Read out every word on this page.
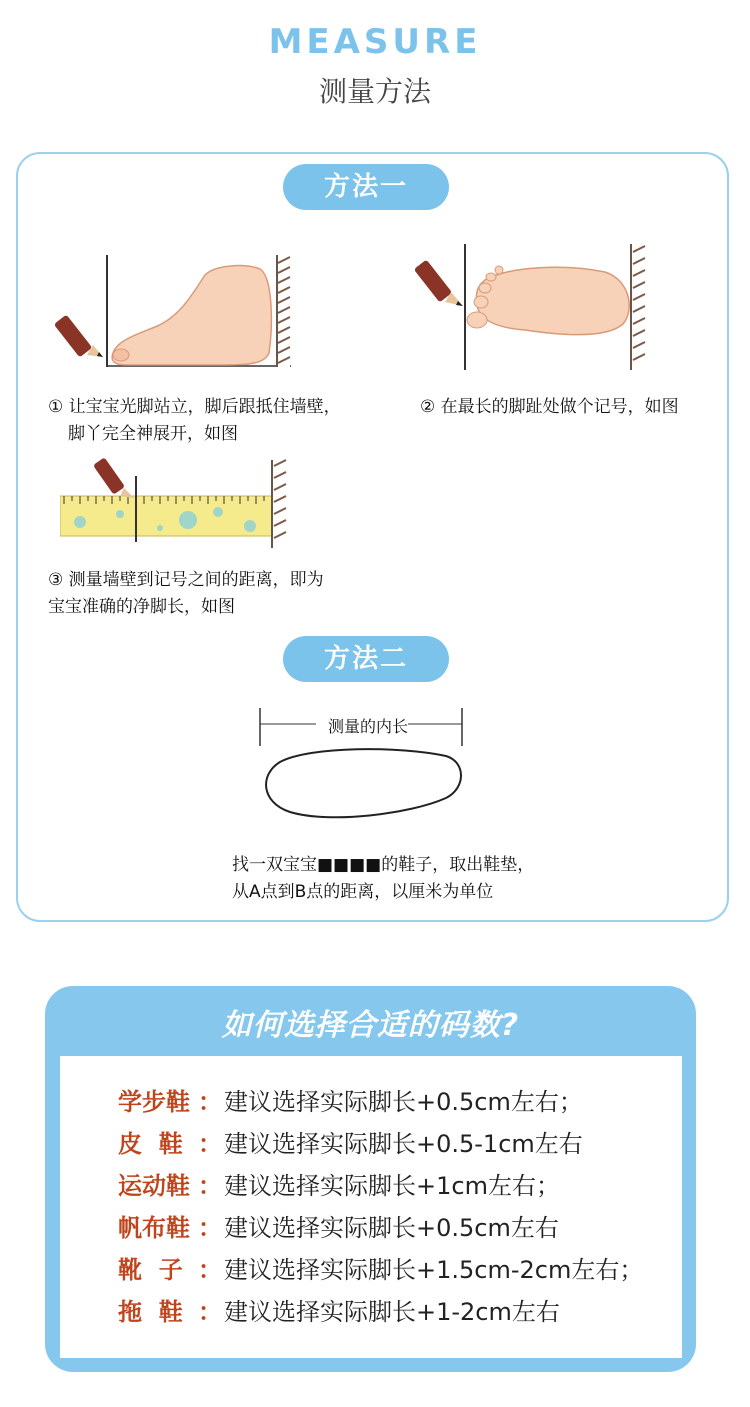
MEASURE
测量方法
方法一
① 让宝宝光脚站立，脚后跟抵住墙壁，
脚丫完全神展开，如图
② 在最长的脚趾处做个记号，如图
③ 测量墙壁到记号之间的距离，即为
宝宝准确的净脚长，如图
方法二
测量的内长
找一双宝宝■■■■的鞋子，取出鞋垫，
从A点到B点的距离，以厘米为单位
如何选择合适的码数?
学步鞋 ：建议选择实际脚长+0.5cm左右；
皮  鞋 ：建议选择实际脚长+0.5-1cm左右
运动鞋 ：建议选择实际脚长+1cm左右；
帆布鞋 ：建议选择实际脚长+0.5cm左右
靴  子 ：建议选择实际脚长+1.5cm-2cm左右；
拖  鞋 ：建议选择实际脚长+1-2cm左右
